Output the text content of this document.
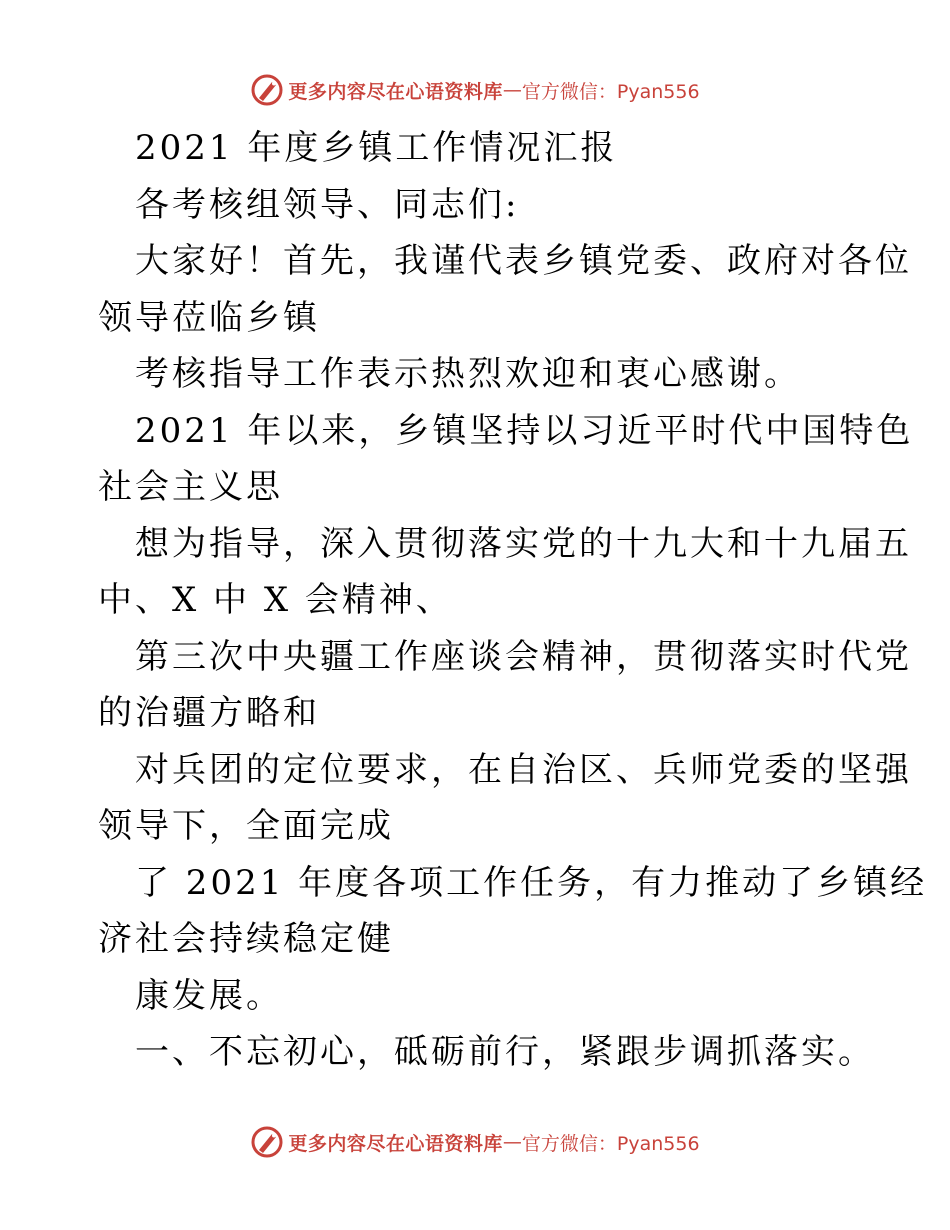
更多内容尽在心语资料库 — 官方微信：Pyan556
2021 年度乡镇工作情况汇报
各考核组领导、同志们:
大家好！首先，我谨代表乡镇党委、政府对各位
领导莅临乡镇
考核指导工作表示热烈欢迎和衷心感谢。
2021 年以来，乡镇坚持以习近平时代中国特色
社会主义思
想为指导，深入贯彻落实党的十九大和十九届五
中、X 中 X 会精神、
第三次中央疆工作座谈会精神，贯彻落实时代党
的治疆方略和
对兵团的定位要求，在自治区、兵师党委的坚强
领导下，全面完成
了 2021 年度各项工作任务，有力推动了乡镇经
济社会持续稳定健
康发展。
一、不忘初心，砥砺前行，紧跟步调抓落实。
更多内容尽在心语资料库 — 官方微信：Pyan556
